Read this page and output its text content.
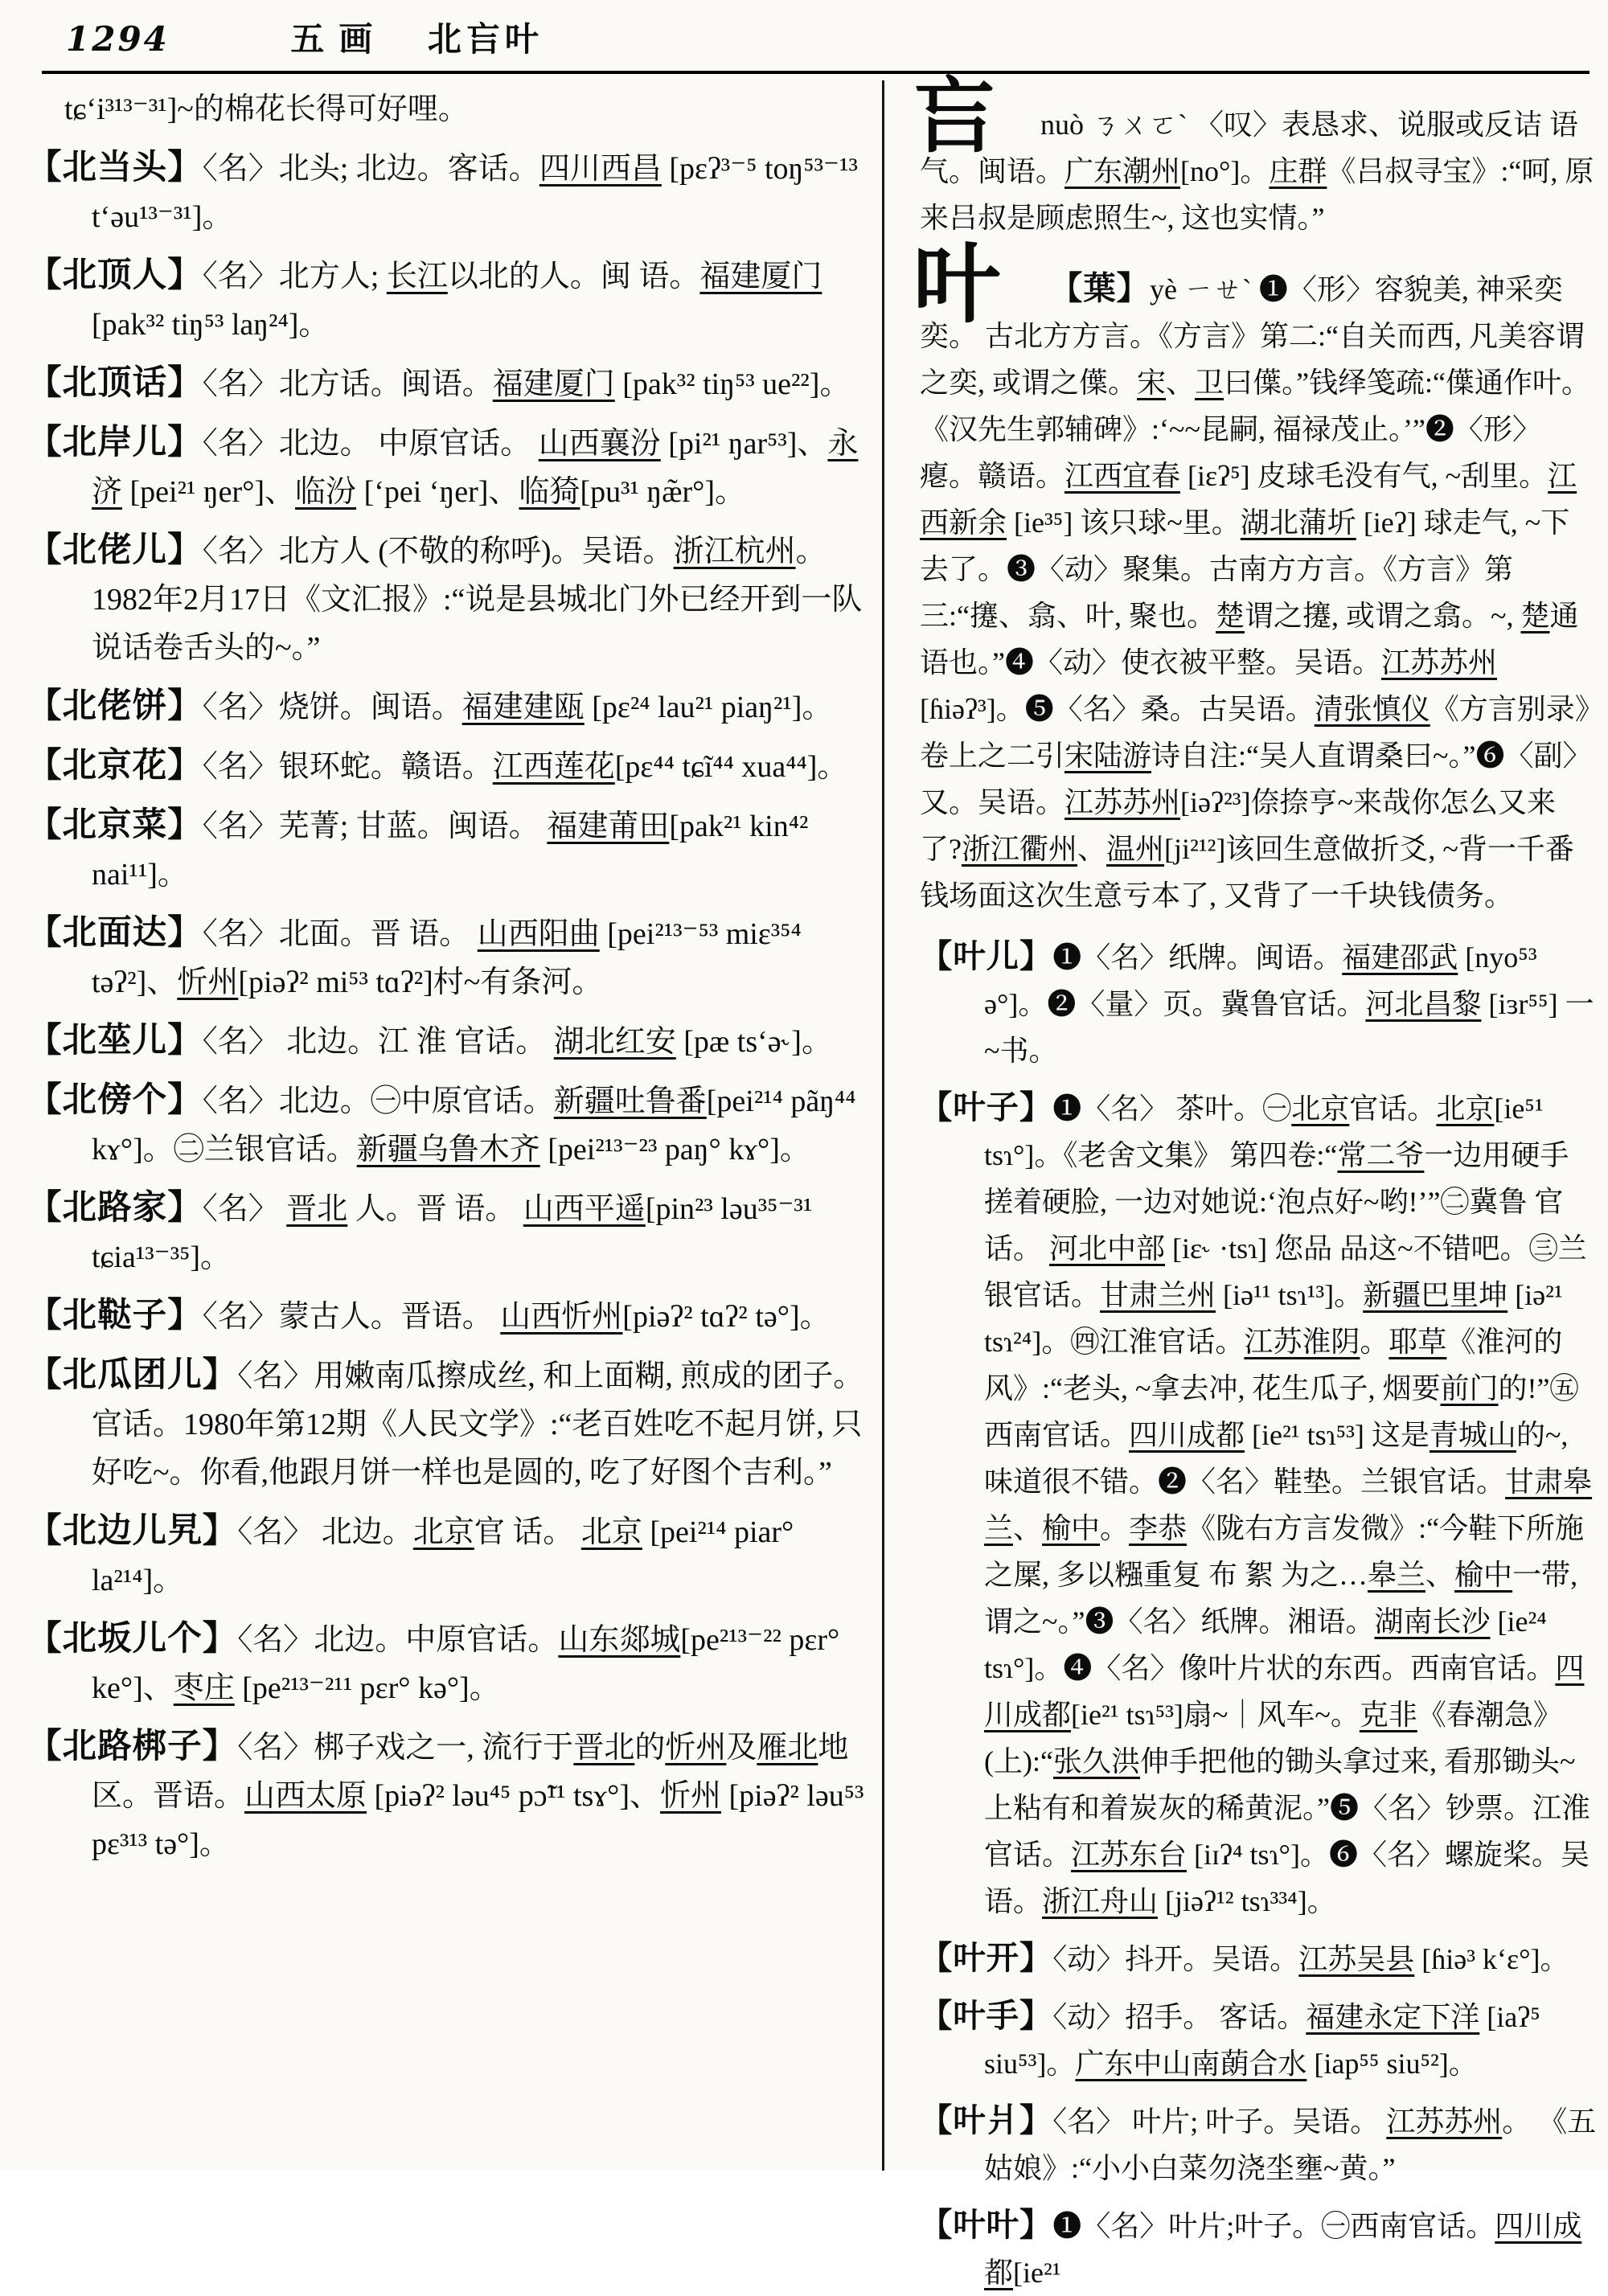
1294	五画 北吂叶

tɕ‘i³¹³⁻³¹]~的棉花长得可好哩。

【北当头】〈名〉北头; 北边。客话。四川西昌 [pɛʔ³⁻⁵ toŋ⁵³⁻¹³ t‘əu¹³⁻³¹]。

【北顶人】〈名〉北方人; 长江以北的人。闽 语。福建厦门 [pak³² tiŋ⁵³ laŋ²⁴]。

【北顶话】〈名〉北方话。闽语。福建厦门 [pak³² tiŋ⁵³ ue²²]。

【北岸儿】〈名〉北边。 中原官话。 山西襄汾 [pi²¹ ŋar⁵³]、永济 [pei²¹ ŋer°]、临汾 [‘pei ‘ŋer]、临猗[pu³¹ ŋæ̃r°]。

【北佬儿】〈名〉北方人 (不敬的称呼)。吴语。浙江杭州。1982年2月17日《文汇报》:“说是县城北门外已经开到一队说话卷舌头的~。”

【北佬饼】〈名〉烧饼。闽语。福建建瓯 [pɛ²⁴ lau²¹ piaŋ²¹]。

【北京花】〈名〉银环蛇。赣语。江西莲花[pɛ⁴⁴ tɕĩ⁴⁴ xua⁴⁴]。

【北京菜】〈名〉芜菁; 甘蓝。闽语。 福建莆田[pak²¹ kin⁴² nai¹¹]。

【北面达】〈名〉北面。晋 语。 山西阳曲 [pei²¹³⁻⁵³ miɛ³⁵⁴ təʔ²]、忻州[piəʔ² mi⁵³ tɑʔ²]村~有条河。

【北莝儿】〈名〉 北边。江 淮 官话。 湖北红安 [pæ ts‘ə˞]。

【北傍个】〈名〉北边。㊀中原官话。新疆吐鲁番[pei²¹⁴ pãŋ⁴⁴ kɤ°]。㊁兰银官话。新疆乌鲁木齐 [pei²¹³⁻²³ paŋ° kɤ°]。

【北路家】〈名〉 晋北 人。晋 语。 山西平遥[pin²³ ləu³⁵⁻³¹ tɕia¹³⁻³⁵]。

【北鞑子】〈名〉蒙古人。晋语。 山西忻州[piəʔ² tɑʔ² tə°]。

【北瓜团儿】〈名〉用嫩南瓜擦成丝, 和上面糊, 煎成的团子。官话。1980年第12期《人民文学》:“老百姓吃不起月饼, 只好吃~。你看,他跟月饼一样也是圆的, 吃了好图个吉利。”

【北边儿旯】〈名〉 北边。北京官 话。 北京 [pei²¹⁴ piar° la²¹⁴]。

【北坂儿个】〈名〉北边。中原官话。山东郯城[pe²¹³⁻²² pɛr° ke°]、枣庄 [pe²¹³⁻²¹¹ pɛr° kə°]。

【北路梆子】〈名〉梆子戏之一, 流行于晋北的忻州及雁北地区。晋语。山西太原 [piəʔ² ləu⁴⁵ pɔ̃¹¹ tsɤ°]、忻州 [piəʔ² ləu⁵³ pɛ³¹³ tə°]。

吂	nuò ㄋㄨㄛˋ 〈叹〉表恳求、说服或反诘 语气。闽语。广东潮州[no°]。庄群《吕叔寻宝》:“呵, 原来吕叔是顾虑照生~, 这也实情。”

叶	【葉】yè ㄧㄝˋ ❶〈形〉容貌美, 神采奕奕。 古北方方言。《方言》第二:“自关而西, 凡美容谓之奕, 或谓之僷。宋、卫曰僷。”钱绎笺疏:“僷通作叶。《汉先生郭辅碑》:‘~~昆嗣, 福禄茂止。’”❷〈形〉瘪。赣语。江西宜春 [iɛʔ⁵] 皮球毛没有气, ~刮里。江西新余 [ie³⁵] 该只球~里。湖北蒲圻 [ieʔ] 球走气, ~下去了。❸〈动〉聚集。古南方方言。《方言》第三:“攓、翕、叶, 聚也。楚谓之攓, 或谓之翕。~, 楚通语也。”❹〈动〉使衣被平整。吴语。江苏苏州 [ɦiəʔ³]。❺〈名〉桑。古吴语。清张慎仪《方言别录》卷上之二引宋陆游诗自注:“吴人直谓桑曰~。”❻〈副〉又。吴语。江苏苏州[iəʔ²³]倷捺亨~来哉你怎么又来了?浙江衢州、温州[ji²¹²]该回生意做折爻, ~背一千番钱场面这次生意亏本了, 又背了一千块钱债务。

【叶儿】❶〈名〉纸牌。闽语。福建邵武 [nyo⁵³ ə°]。❷〈量〉页。冀鲁官话。河北昌黎 [iɜr⁵⁵] 一~书。

【叶子】❶〈名〉 茶叶。㊀北京官话。北京[ie⁵¹ tsɿ°]。《老舍文集》 第四卷:“常二爷一边用硬手搓着硬脸, 一边对她说:‘泡点好~哟!’”㊁冀鲁 官 话。 河北中部 [iɛ˞ ·tsɿ] 您品 品这~不错吧。㊂兰银官话。甘肃兰州 [iə¹¹ tsɿ¹³]。新疆巴里坤 [iə²¹ tsɿ²⁴]。㊃江淮官话。江苏淮阴。耶草《淮河的风》:“老头, ~拿去冲, 花生瓜子, 烟要前门的!”㊄西南官话。四川成都 [ie²¹ tsɿ⁵³] 这是青城山的~, 味道很不错。❷〈名〉鞋垫。兰银官话。甘肃皋兰、榆中。李恭《陇右方言发微》:“今鞋下所施之屟, 多以糨重复 布 絮 为之…皋兰、榆中一带, 谓之~。”❸〈名〉纸牌。湘语。湖南长沙 [ie²⁴ tsɿ°]。❹〈名〉像叶片状的东西。西南官话。四川成都[ie²¹ tsɿ⁵³]扇~｜风车~。克非《春潮急》(上):“张久洪伸手把他的锄头拿过来, 看那锄头~上粘有和着炭灰的稀黄泥。”❺〈名〉钞票。江淮官话。江苏东台 [iɪʔ⁴ tsɿ°]。❻〈名〉螺旋桨。吴语。浙江舟山 [jiəʔ¹² tsɿ³³⁴]。

【叶开】〈动〉抖开。吴语。江苏吴县 [ɦiə³ k‘ɛ°]。

【叶手】〈动〉招手。 客话。福建永定下洋 [iaʔ⁵ siu⁵³]。广东中山南蓢合水 [iap⁵⁵ siu⁵²]。

【叶爿】〈名〉 叶片; 叶子。吴语。 江苏苏州。 《五姑娘》:“小小白菜勿浇坔壅~黄。”

【叶叶】❶〈名〉叶片;叶子。㊀西南官话。四川成都[ie²¹
